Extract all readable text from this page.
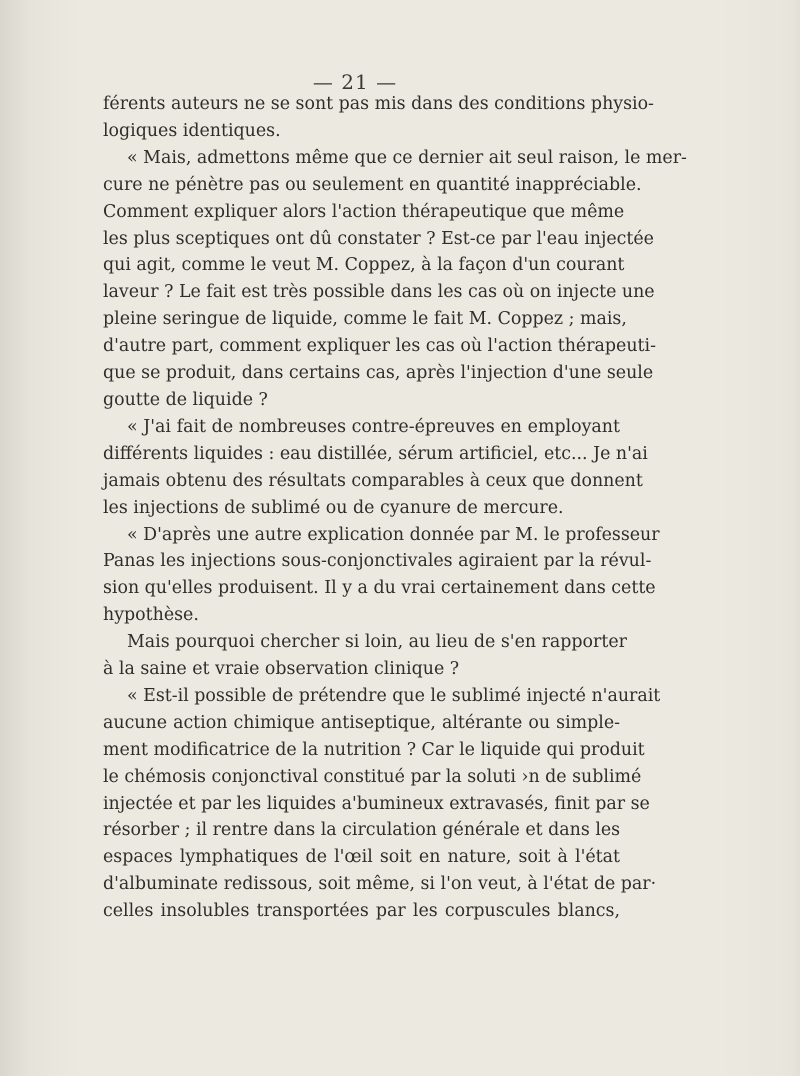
— 21 —
férents auteurs ne se sont pas mis dans des conditions physio-
logiques identiques.
« Mais, admettons même que ce dernier ait seul raison, le mer-
cure ne pénètre pas ou seulement en quantité inappréciable.
Comment expliquer alors l'action thérapeutique que même
les plus sceptiques ont dû constater ? Est-ce par l'eau injectée
qui agit, comme le veut M. Coppez, à la façon d'un courant
laveur ? Le fait est très possible dans les cas où on injecte une
pleine seringue de liquide, comme le fait M. Coppez ; mais,
d'autre part, comment expliquer les cas où l'action thérapeuti-
que se produit, dans certains cas, après l'injection d'une seule
goutte de liquide ?
« J'ai fait de nombreuses contre-épreuves en employant
différents liquides : eau distillée, sérum artificiel, etc... Je n'ai
jamais obtenu des résultats comparables à ceux que donnent
les injections de sublimé ou de cyanure de mercure.
« D'après une autre explication donnée par M. le professeur
Panas les injections sous-conjonctivales agiraient par la révul-
sion qu'elles produisent. Il y a du vrai certainement dans cette
hypothèse.
Mais pourquoi chercher si loin, au lieu de s'en rapporter
à la saine et vraie observation clinique ?
« Est-il possible de prétendre que le sublimé injecté n'aurait
aucune action chimique antiseptique, altérante ou simple-
ment modificatrice de la nutrition ? Car le liquide qui produit
le chémosis conjonctival constitué par la soluti ›n de sublimé
injectée et par les liquides a'bumineux extravasés, finit par se
résorber ; il rentre dans la circulation générale et dans les
espaces lymphatiques de l'œil soit en nature, soit à l'état
d'albuminate redissous, soit même, si l'on veut, à l'état de par·
celles insolubles transportées par les corpuscules blancs,
